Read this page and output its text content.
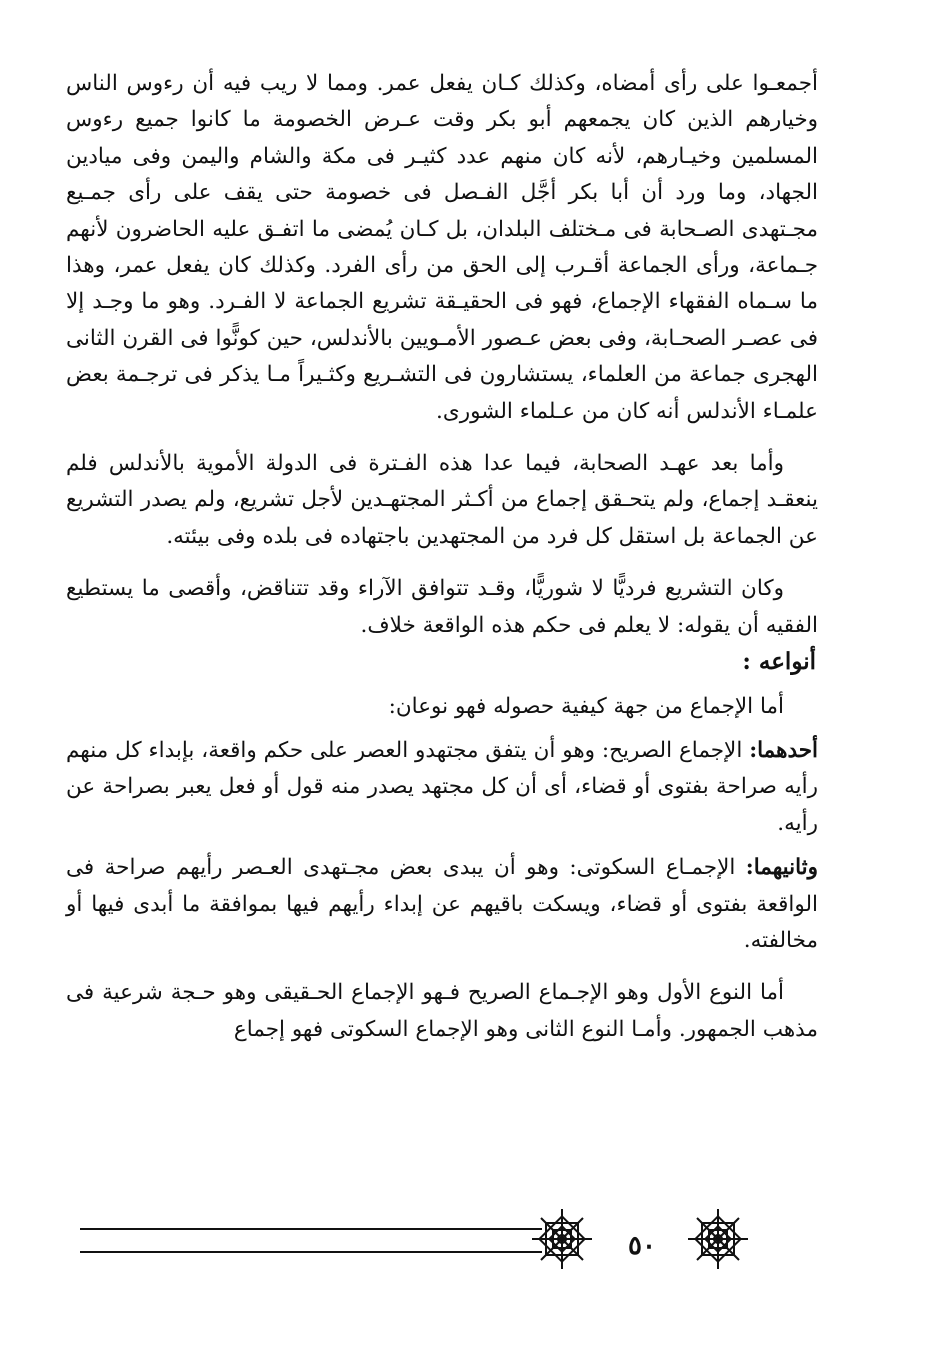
أجمعـوا على رأى أمضاه، وكذلك كـان يفعل عمر. ومما لا ريب فيه أن رءوس الناس وخيارهم الذين كان يجمعهم أبو بكر وقت عـرض الخصومة ما كانوا جميع رءوس المسلمين وخيـارهم، لأنه كان منهم عدد كثيـر فى مكة والشام واليمن وفى ميادين الجهاد، وما ورد أن أبا بكر أجَّل الفـصل فى خصومة حتى يقف على رأى جمـيع مجـتهدى الصـحابة فى مـختلف البلدان، بل كـان يُمضى ما اتفـق عليه الحاضرون لأنهم جـماعة، ورأى الجماعة أقـرب إلى الحق من رأى الفرد. وكذلك كان يفعل عمر، وهذا ما سـماه الفقهاء الإجماع، فهو فى الحقيـقة تشريع الجماعة لا الفـرد. وهو ما وجـد إلا فى عصـر الصحـابة، وفى بعض عـصور الأمـويين بالأندلس، حين كونًّوا فى القرن الثانى الهجرى جماعة من العلماء، يستشارون فى التشـريع وكثـيراً مـا يذكر فى ترجـمة بعض علمـاء الأندلس أنه كان من عـلماء الشورى.

وأما بعد عهـد الصحابة، فيما عدا هذه الفـترة فى الدولة الأموية بالأندلس فلم ينعقـد إجماع، ولم يتحـقق إجماع من أكـثر المجتهـدين لأجل تشريع، ولم يصدر التشريع عن الجماعة بل استقل كل فرد من المجتهدين باجتهاده فى بلده وفى بيئته.

وكان التشريع فرديًّا لا شوريًّا، وقـد تتوافق الآراء وقد تتناقض، وأقصى ما يستطيع الفقيه أن يقوله: لا يعلم فى حكم هذه الواقعة خلاف.

أنواعه :

أما الإجماع من جهة كيفية حصوله فهو نوعان:

أحدهما: الإجماع الصريح: وهو أن يتفق مجتهدو العصر على حكم واقعة، بإبداء كل منهم رأيه صراحة بفتوى أو قضاء، أى أن كل مجتهد يصدر منه قول أو فعل يعبر بصراحة عن رأيه.

وثانيهما: الإجمـاع السكوتى: وهو أن يبدى بعض مجـتهدى العـصر رأيهم صراحة فى الواقعة بفتوى أو قضاء، ويسكت باقيهم عن إبداء رأيهم فيها بموافقة ما أبدى فيها أو مخالفته.

أما النوع الأول وهو الإجـماع الصريح فـهو الإجماع الحـقيقى وهو حـجة شرعية فى مذهب الجمهور. وأمـا النوع الثانى وهو الإجماع السكوتى فهو إجماع

٥٠
